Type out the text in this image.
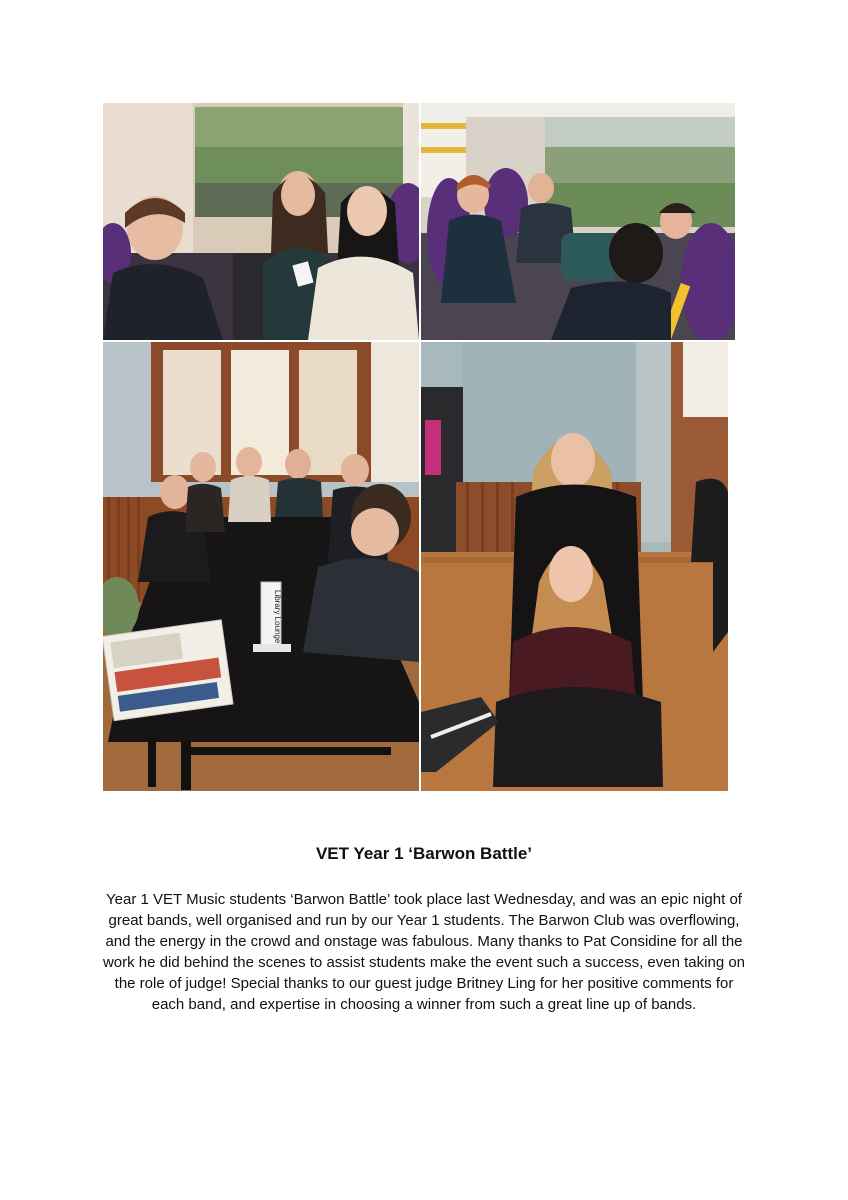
Library Lounge
VET Year 1 ‘Barwon Battle’

Year 1 VET Music students ‘Barwon Battle’ took place last Wednesday, and was an epic night of great bands, well organised and run by our Year 1 students. The Barwon Club was overflowing, and the energy in the crowd and onstage was fabulous. Many thanks to Pat Considine for all the work he did behind the scenes to assist students make the event such a success, even taking on the role of judge! Special thanks to our guest judge Britney Ling for her positive comments for each band, and expertise in choosing a winner from such a great line up of bands.
